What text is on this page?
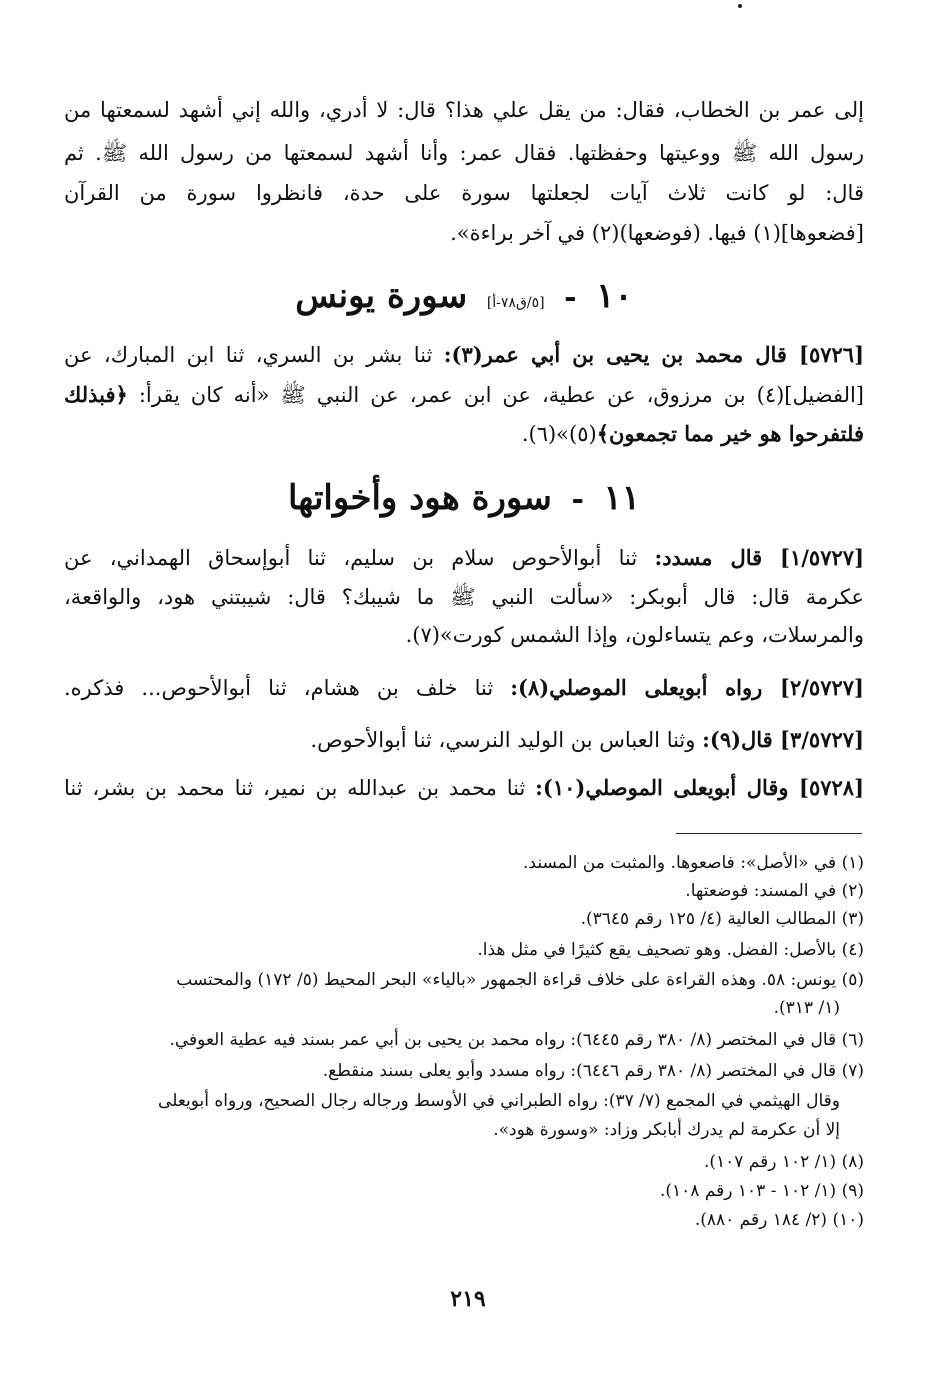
إلى عمر بن الخطاب، فقال: من يقل علي هذا؟ قال: لا أدري، والله إني أشهد لسمعتها من
رسول الله ﷺ ووعيتها وحفظتها. فقال عمر: وأنا أشهد لسمعتها من رسول الله ﷺ. ثم
قال: لو كانت ثلاث آيات لجعلتها سورة على حدة، فانظروا سورة من القرآن
[فضعوها](١) فيها. (فوضعها)(٢) في آخر براءة».
١٠ - [٥/ق٧٨-أ] سورة يونس
[٥٧٢٦] قال محمد بن يحيى بن أبي عمر(٣): ثنا بشر بن السري، ثنا ابن المبارك، عن
[الفضيل](٤) بن مرزوق، عن عطية، عن ابن عمر، عن النبي ﷺ «أنه كان يقرأ: ﴿فبذلك
فلتفرحوا هو خير مما تجمعون﴾(٥)»(٦).
١١ - سورة هود وأخواتها
[١/٥٧٢٧] قال مسدد: ثنا أبوالأحوص سلام بن سليم، ثنا أبوإسحاق الهمداني، عن
عكرمة قال: قال أبوبكر: «سألت النبي ﷺ ما شيبك؟ قال: شيبتني هود، والواقعة،
والمرسلات، وعم يتساءلون، وإذا الشمس كورت»(٧).
[٢/٥٧٢٧] رواه أبويعلى الموصلي(٨): ثنا خلف بن هشام، ثنا أبوالأحوص... فذكره.
[٣/٥٧٢٧] قال(٩): وثنا العباس بن الوليد النرسي، ثنا أبوالأحوص.
[٥٧٢٨] وقال أبويعلى الموصلي(١٠): ثنا محمد بن عبدالله بن نمير، ثنا محمد بن بشر، ثنا
(١) في «الأصل»: فاصعوها. والمثبت من المسند.
(٢) في المسند: فوضعتها.
(٣) المطالب العالية (٤/ ١٢٥ رقم ٣٦٤٥).
(٤) بالأصل: الفضل. وهو تصحيف يقع كثيرًا في مثل هذا.
(٥) يونس: ٥٨. وهذه القراءة على خلاف قراءة الجمهور «بالياء» البحر المحيط (٥/ ١٧٢) والمحتسب
(١/ ٣١٣).
(٦) قال في المختصر (٨/ ٣٨٠ رقم ٦٤٤٥): رواه محمد بن يحيى بن أبي عمر بسند فيه عطية العوفي.
(٧) قال في المختصر (٨/ ٣٨٠ رقم ٦٤٤٦): رواه مسدد وأبو يعلى بسند منقطع.
وقال الهيثمي في المجمع (٧/ ٣٧): رواه الطبراني في الأوسط ورجاله رجال الصحيح، ورواه أبويعلى
إلا أن عكرمة لم يدرك أبابكر وزاد: «وسورة هود».
(٨) (١/ ١٠٢ رقم ١٠٧).
(٩) (١/ ١٠٢ - ١٠٣ رقم ١٠٨).
(١٠) (٢/ ١٨٤ رقم ٨٨٠).
٢١٩
